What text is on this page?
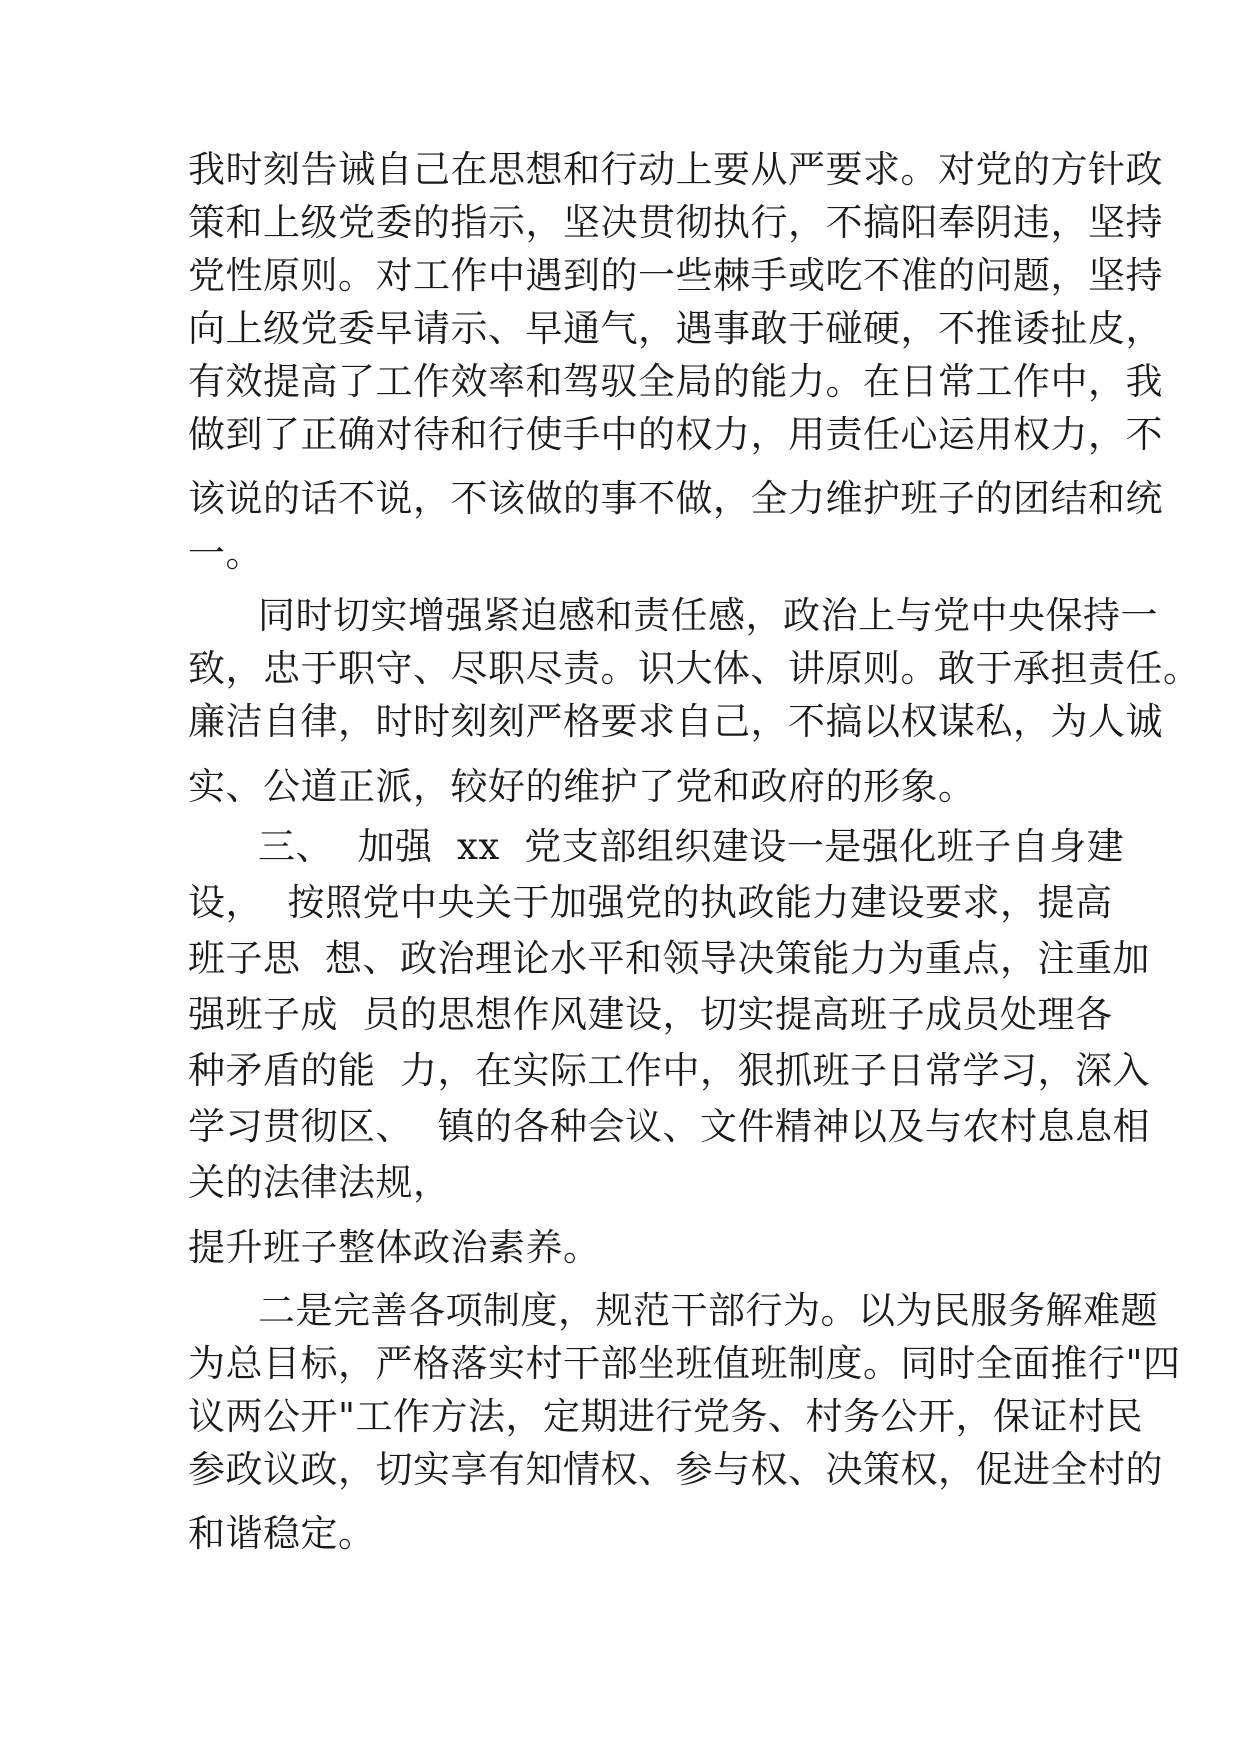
我时刻告诫自己在思想和行动上要从严要求。对党的方针政
策和上级党委的指示，坚决贯彻执行，不搞阳奉阴违，坚持
党性原则。对工作中遇到的一些棘手或吃不准的问题，坚持
向上级党委早请示、早通气，遇事敢于碰硬，不推诿扯皮，
有效提高了工作效率和驾驭全局的能力。在日常工作中，我
做到了正确对待和行使手中的权力，用责任心运用权力，不
该说的话不说，不该做的事不做，全力维护班子的团结和统
一。
同时切实增强紧迫感和责任感，政治上与党中央保持一
致，忠于职守、尽职尽责。识大体、讲原则。敢于承担责任。
廉洁自律，时时刻刻严格要求自己，不搞以权谋私，为人诚
实、公道正派，较好的维护了党和政府的形象。
三、  加强  xx  党支部组织建设一是强化班子自身建
设，  按照党中央关于加强党的执政能力建设要求，提高
班子思  想、政治理论水平和领导决策能力为重点，注重加
强班子成  员的思想作风建设，切实提高班子成员处理各
种矛盾的能  力，在实际工作中，狠抓班子日常学习，深入
学习贯彻区、  镇的各种会议、文件精神以及与农村息息相
关的法律法规，
提升班子整体政治素养。
二是完善各项制度，规范干部行为。以为民服务解难题
为总目标，严格落实村干部坐班值班制度。同时全面推行"四
议两公开"工作方法，定期进行党务、村务公开，保证村民
参政议政，切实享有知情权、参与权、决策权，促进全村的
和谐稳定。
